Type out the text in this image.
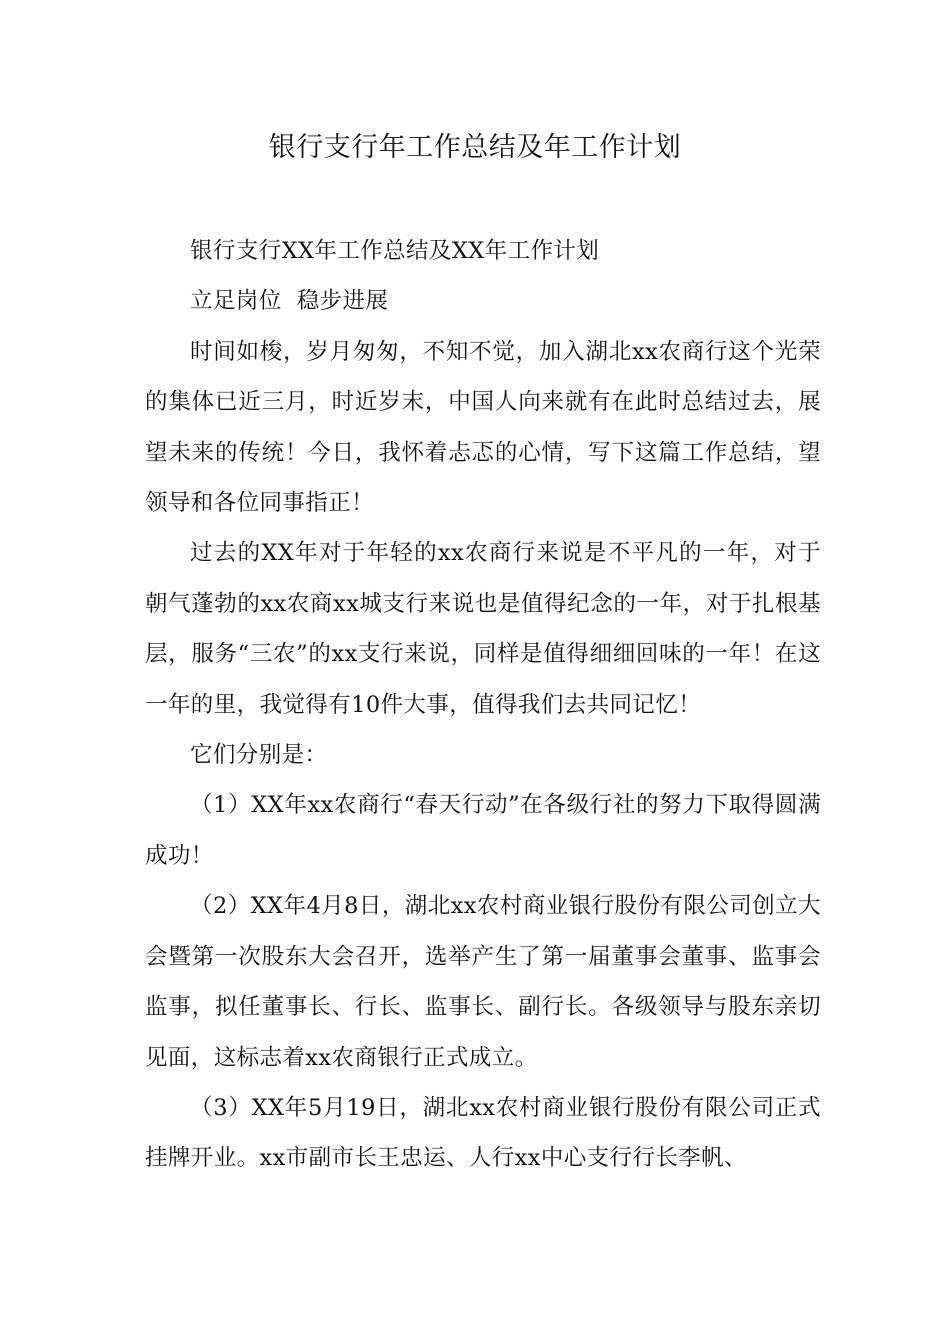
银行支行年工作总结及年工作计划

银行支行XX年工作总结及XX年工作计划

立足岗位  稳步进展

时间如梭，岁月匆匆，不知不觉，加入湖北xx农商行这个光荣的集体已近三月，时近岁末，中国人向来就有在此时总结过去，展望未来的传统！今日，我怀着忐忑的心情，写下这篇工作总结，望领导和各位同事指正！

过去的XX年对于年轻的xx农商行来说是不平凡的一年，对于朝气蓬勃的xx农商xx城支行来说也是值得纪念的一年，对于扎根基层，服务“三农”的xx支行来说，同样是值得细细回味的一年！在这一年的里，我觉得有10件大事，值得我们去共同记忆！

它们分别是：

（1）XX年xx农商行“春天行动”在各级行社的努力下取得圆满成功！

（2）XX年4月8日，湖北xx农村商业银行股份有限公司创立大会暨第一次股东大会召开，选举产生了第一届董事会董事、监事会监事，拟任董事长、行长、监事长、副行长。各级领导与股东亲切见面，这标志着xx农商银行正式成立。

（3）XX年5月19日，湖北xx农村商业银行股份有限公司正式挂牌开业。xx市副市长王忠运、人行xx中心支行行长李帆、
